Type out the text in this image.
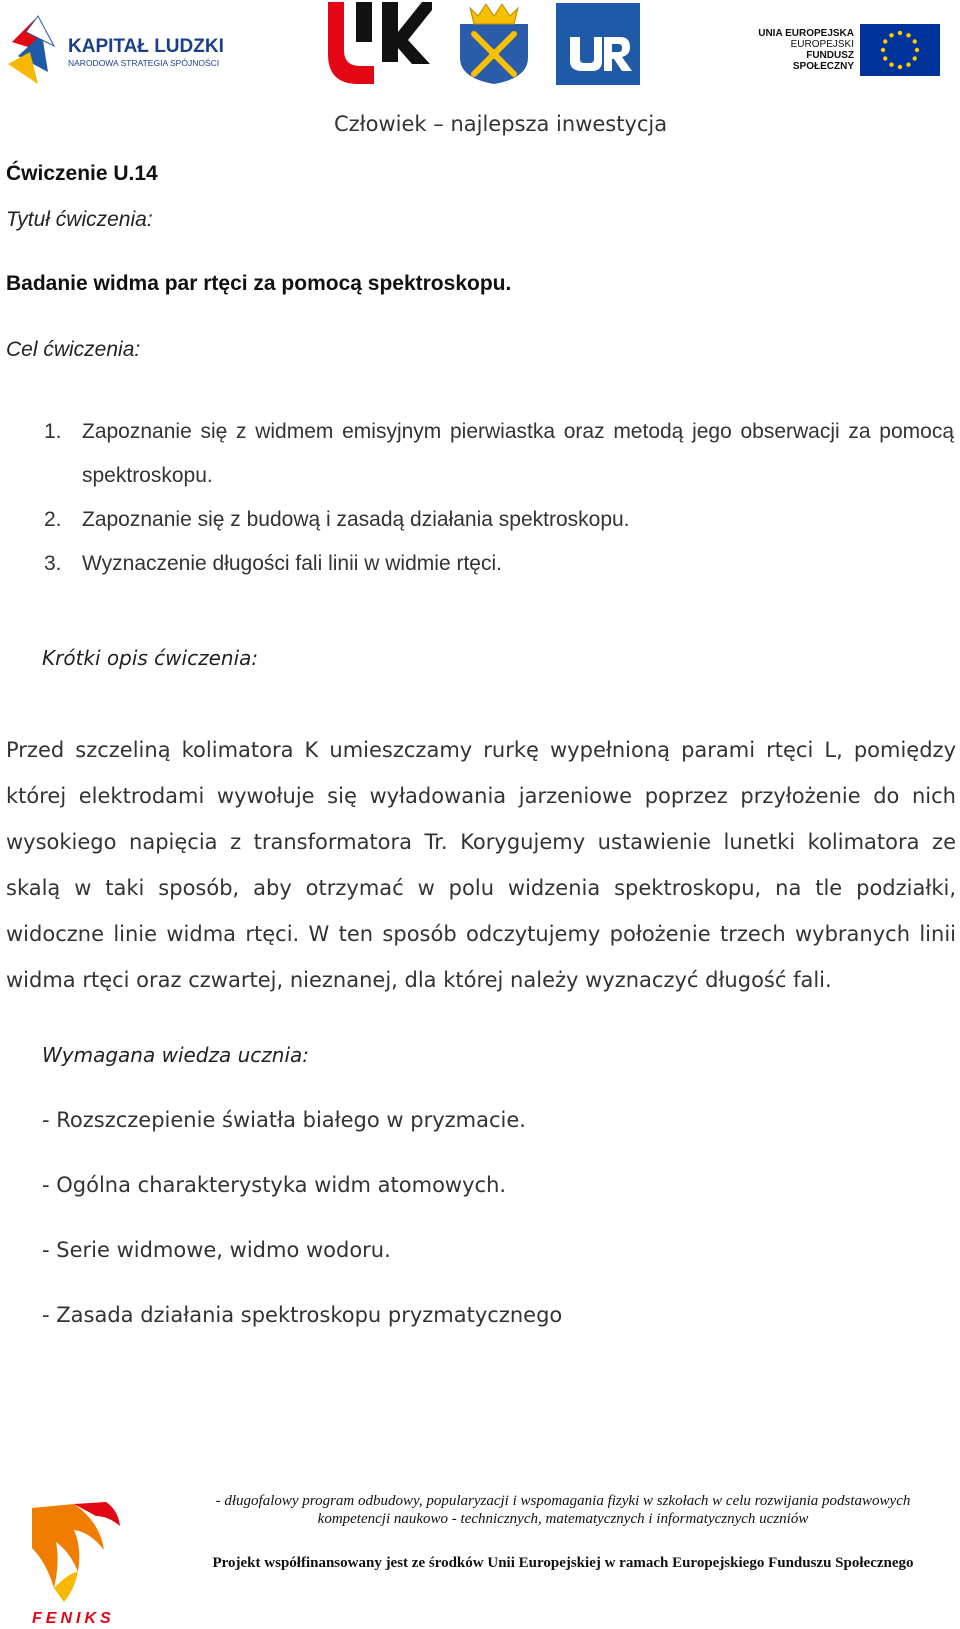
KAPITAŁ LUDZKI
NARODOWA STRATEGIA SPÓJNOŚCI
UNIA EUROPEJSKA
EUROPEJSKI
FUNDUSZ SPOŁECZNY
Człowiek – najlepsza inwestycja
Ćwiczenie U.14
Tytuł ćwiczenia:
Badanie widma par rtęci za pomocą spektroskopu.
Cel ćwiczenia:
1. Zapoznanie się z widmem emisyjnym pierwiastka oraz metodą jego obserwacji za pomocą spektroskopu.
2. Zapoznanie się z budową i zasadą działania spektroskopu.
3. Wyznaczenie długości fali linii w widmie rtęci.
Krótki opis ćwiczenia:
Przed szczeliną kolimatora K umieszczamy rurkę wypełnioną parami rtęci L, pomiędzy której elektrodami wywołuje się wyładowania jarzeniowe poprzez przyłożenie do nich wysokiego napięcia z transformatora Tr. Korygujemy ustawienie lunetki kolimatora ze skalą w taki sposób, aby otrzymać w polu widzenia spektroskopu, na tle podziałki, widoczne linie widma rtęci. W ten sposób odczytujemy położenie trzech wybranych linii widma rtęci oraz czwartej, nieznanej, dla której należy wyznaczyć długość fali.
Wymagana wiedza ucznia:
- Rozszczepienie światła białego w pryzmacie.
- Ogólna charakterystyka widm atomowych.
- Serie widmowe, widmo wodoru.
- Zasada działania spektroskopu pryzmatycznego
FENIKS
- długofalowy program odbudowy, popularyzacji i wspomagania fizyki w szkołach w celu rozwijania podstawowych
kompetencji naukowo - technicznych, matematycznych i informatycznych uczniów
Projekt współfinansowany jest ze środków Unii Europejskiej w ramach Europejskiego Funduszu Społecznego
